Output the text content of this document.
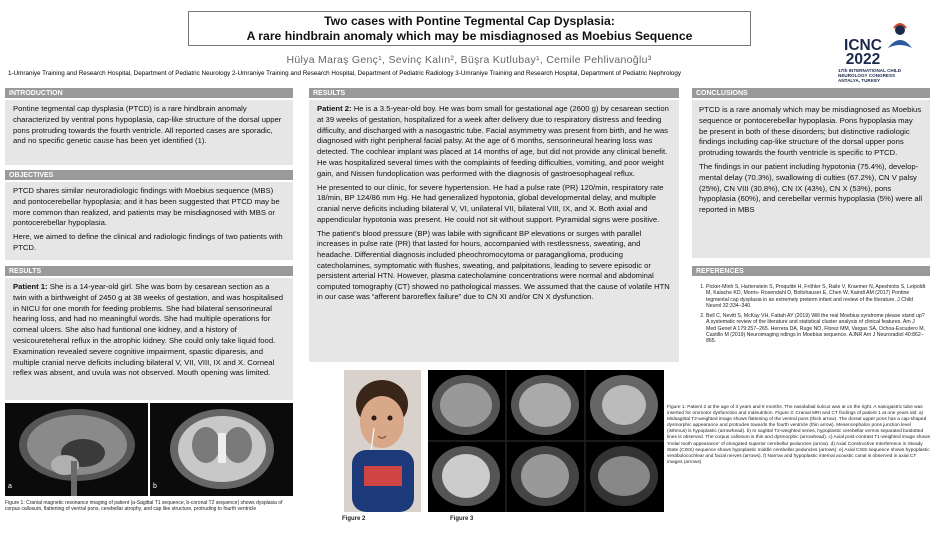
Two cases with Pontine Tegmental Cap Dysplasia:
A rare hindbrain anomaly which may be misdiagnosed as Moebius Sequence
Hülya Maraş Genç¹, Sevinç Kalın², Büşra Kutlubay¹, Cemile Pehlivanoğlu³
1-Umraniye Training and Research Hospital, Department of Pediatric Neurology 2-Umraniye Training and Research Hospital, Department of Pediatric Radiology 3-Umraniye Training and Research Hospital, Department of Pediatric Nephrology
ICNC
2022
17th INTERNATIONAL CHILD
NEUROLOGY CONGRESS
ANTALYA, TURKEY
INTRODUCTION

Pontine tegmental cap dysplasia (PTCD) is a rare hindbrain anomaly characterized by ventral pons hypoplasia, cap-like structure of the dorsal upper pons protruding towards the fourth ventricle. All reported cases are sporadic, and no specific genetic cause has been yet identified (1).

OBJECTIVES

PTCD shares similar neuroradiologic findings with Moebius sequence (MBS) and pontocerebellar hypoplasia; and it has been suggested that PTCD may be more common than realized, and patients may be misdiagnosed with MBS or pontocerebellar hypoplasia.

Here, we aimed to define the clinical and radiologic findings of two patients with PTCD.

RESULTS

Patient 1: She is a 14-year-old girl. She was born by cesarean section as a twin with a birthweight of 2450 g at 38 weeks of gestation, and was hospitalised in NICU for one month for feeding problems. She had bilateral sensorineural hearing loss, and had no meaningful words. She had multiple operations for corneal ulcers. She also had funtional one kidney, and a history of vesicoureteheral reflux in the atrophic kidney. She could only take liquid food. Examination revealed severe cognitive impairment, spastic diparesis, and multiple cranial nerve deficits including bilateral V, VII, VIII, IX and X. Corneal reflex was absent, and uvula was not observed. Mouth opening was limited.

a	b
Figure 1: Cranial magnetic resonance imaging of patient (a-Sagittal T1 sequence, b-coronal T2 sequence) shows dysplasia of corpus callosum, flattening of ventral pons, cerebellar atrophy, and cap like structure, protruding to fourth ventricle
RESULTS

Patient 2: He is a 3.5-year-old boy. He was born small for gestational age (2600 g) by cesarean section at 39 weeks of gestation, hospitalized for a week after delivery due to respiratory distress and feeding difficulty, and discharged with a nasogastric tube. Facial asymmetry was present from birth, and he was diagnosed with right peripheral facial palsy. At the age of 6 months, sensorineural hearing loss was detected. The cochlear implant was placed at 14 months of age, but did not provide any clinical benefit. He was hospitalized several times with the complaints of feeding difficulties, vomiting, and poor weight gain, and Nissen fundoplication was performed with the diagnosis of gastroesophageal reflux.

He presented to our clinic, for severe hypertension. He had a pulse rate (PR) 120/min, respiratory rate 18/min, BP 124/86 mm Hg. He had generalized hypotonia, global developmental delay, and multiple cranial nerve deficits including bilateral V, VI, unilateral VII, bilateral VIII, IX, and X. Both axial and appendicular hypotonia was present. He could not sit without support. Pyramidal signs were positive.

The patient’s blood pressure (BP) was labile with significant BP elevations or surges with parallel increases in pulse rate (PR) that lasted for hours, accompanied with restlessness, sweating, and headache. Differential diagnosis included pheochromocytoma or paraganglioma, producing catecholamines, symptomatic with flushes, sweating, and palpitations, leading to severe episodic or persistent arterial HTN. However, plasma catecholamine concentrations were normal and abdominal computed tomography (CT) showed no pathological masses. We assumed that the cause of volatile HTN in our case was “afferent baroreflex failure” due to CN XI and/or CN X dysfunction.

Figure 2	Figure 3
CONCLUSIONS

PTCD is a rare anomaly which may be misdiagnosed as Moebius sequence or pontocerebellar hypoplasia. Pons hypoplasia may be present in both of these disorders; but distinctive radiologic findings including cap-like structure of the dorsal upper pons protruding towards the fourth ventricle is specific to PTCD.

The findings in our patient including hypotonia (75.4%), develop- mental delay (70.3%), swallowing di culties (67.2%), CN V palsy (25%), CN VIII (30.8%), CN IX (43%), CN X (53%), pons hypoplasia (60%), and cerebellar vermis hypoplasia (5%) were all reported in MBS

REFERENCES
1. Picker-Minh S, Hartenstein S, Proquitté H, Fröhler S, Raile V, Kraemer N, Apeshiotis S, Leipoldt M, Kalache KD, Morris- Rosendahl D, Boltshauser E, Chen W, Kaindl AM (2017) Pontine tegmental cap dysplasia in an extremely preterm infant and review of the literature. J Child Neurol 32:334–340.
2. Bell C, Nevitt S, McKay VH, Fattah AY (2019) Will the real Moebius syndrome please stand up? A systematic review of the literature and statistical cluster analysis of clinical features. Am J Med Genet A 179:257–265. Herrera DA, Ruge NO, Florez MM, Vargas SA, Ochoa-Escudero M, Castillo M (2019) Neuroimaging ndings in Moebius sequence. AJNR Am J Neuroradiol 40:862–865.
Figure 1: Patient 2 at the age of 3 years and 9 months. The nasolabial sulcus was at on the right. A nasogastric tube was inserted for oromotor dysfunction and malnutrition. Figure 3: Cranial MRI and CT findings of patient 1 at one years old: a) Midsagittal T2-weighted image shows flattening of the ventral pons (thick arrow). The dorsal upper pons has a cap-shaped dysmorphic appearance and protrudes towards the fourth ventricle (thin arrow). Mesencephalon pons junction level (isthmus) is hypoplastic (arrowhead). b) In sagittal T2-weighted series, hypoplastic cerebellar vermis separated butdotted lines is observed. The corpus callosum is thin and dysmorphic (arrowhead). c) Axial post-contrast T1-weighted image shows 'molar tooth appearance' of elongated superior cerebellar peduncles (arrow). d) Axial Constructive Interference in Steady State (CISS) sequence shows hypoplastic middle cerebellar peduncles (arrows). e) Axial CISS sequence shows hypoplastic vestibulocochlear and facial nerves (arrows). f) Narrow and hypoplastic internal acoustic canal is observed in axial CT images (arrows)
